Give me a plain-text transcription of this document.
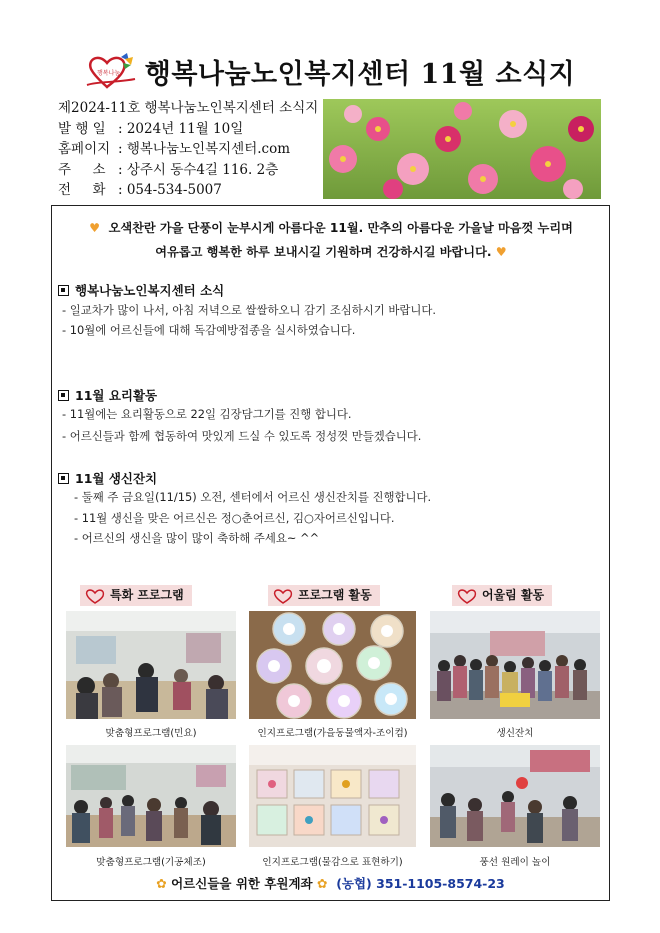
행복나눔 행복나눔노인복지센터 11월 소식지
제2024-11호 행복나눔노인복지센터 소식지
발 행 일 : 2024년 11월 10일
홈페이지 : 행복나눔노인복지센터.com
주     소 : 상주시 동수4길 116. 2층
전     화 : 054-534-5007
♥ 오색찬란 가을 단풍이 눈부시게 아름다운 11월. 만추의 아름다운 가을날 마음껏 누리며
여유롭고 행복한 하루 보내시길 기원하며 건강하시길 바랍니다. ♥
행복나눔노인복지센터 소식
- 일교차가 많이 나서, 아침 저녁으로 쌀쌀하오니 감기 조심하시기 바랍니다.
- 10월에 어르신들에 대해 독감예방접종을 실시하였습니다.
11월 요리활동
- 11월에는 요리활동으로 22일 김장담그기를 진행 합니다.
- 어르신들과 함께 협동하여 맛있게 드실 수 있도록 정성껏 만들겠습니다.
11월 생신잔치
- 둘째 주 금요일(11/15) 오전, 센터에서 어르신 생신잔치를 진행합니다.
- 11월 생신을 맞은 어르신은 정○춘어르신, 김○자어르신입니다.
- 어르신의 생신을 많이 많이 축하해 주세요~ ^^
특화 프로그램	프로그램 활동	어울림 활동
맞춤형프로그램(민요)	인지프로그램(가을동물액자-조이컴)	생신잔치
맞춤형프로그램(기공체조)	인지프로그램(물감으로 표현하기)	풍선 원레이 놀이
✿ 어르신들을 위한 후원계좌 ✿ (농협) 351-1105-8574-23
